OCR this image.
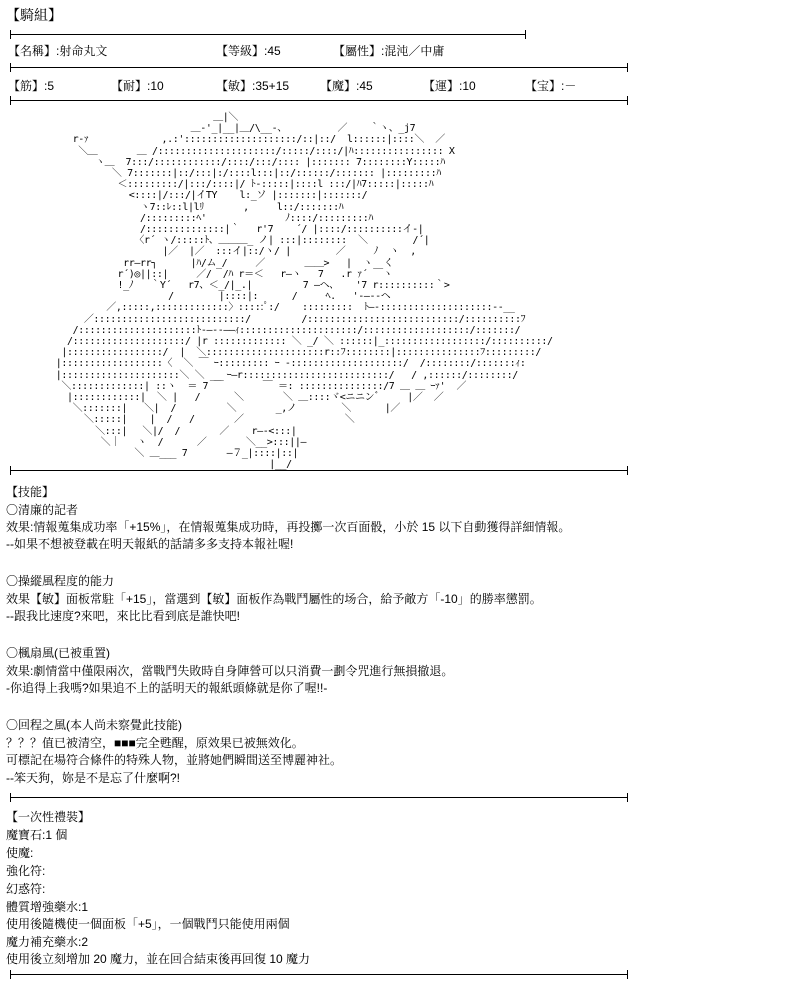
【騎組】
【名稱】:射命丸文	【等級】:45	【屬性】:混沌／中庸
【筋】:5	【耐】:10	【敏】:35+15	【魔】:45	【運】:10	【宝】:－
＿|＼
＿-'_|__|＿/\__-、         ／    ｀ヽ、_j7
r-ｧ             ,.:'::::::::::::::::::::/::|::/  l::::::|::::＼  ／
＼＿       ＿ /:::::::::::::::::::::/:::::/::::/|ﾊ:::::::::::::::: X
ヽ＿  7:::/::::::::::::/::::/:::/:::: |::::::: 7::::::::Y:::::ﾊ
＼ 7:::::::|::/:::|:/::::l:::|::/::::::/::::::: |:::::::::ﾊ
＜:::::::::/|:::/::::|/ ﾄ-:::::|::::l :::/|ﾊ7:::::|:::::ﾊ
<::::|/:::/|イTY    l:_ソ |:::::::|:::::::/
ヽ7::ﾚ::l|lﾘ       ,     l::/:::::::ﾊ
/:::::::::ﾍ'              ﾉ::::/:::::::::ﾊ
/::::::::::::::|｀   r'7    ´/ |::::/::::::::::イ-|
〈r´ ヽ/:::::ﾄ、＿＿＿_ ノ| :::|::::::::  ＼        /´|
|／  |／  :::イ|::/ヽ/ |        ／     ﾉ  ヽ  ,
rr―rr┐      |ﾊ/ム_/     ／       ＿＿>   |  ヽ  く
r´)◎||::|     ／/  /ﾊ r＝＜   r―ヽ   7   .r ｧ´ ￣ヽ
!_ﾉ   ｀Y´   r7、＜_/|_.|         7 ―ヘ、   '7 r::::::::::｀>
/        |::::|:      /     ﾍ.   '-―--ヘ
／,:::::,:::::::::::::〉:::::ﾟ:/    :::::::::  ﾄ―-::::::::::::::::::::--__
／:::::::::::::::::::::::::::/         /:::::::::::::::::::::::::::/::::::::::ﾌ
/:::::::::::::::::::::ﾄ-―--――ｨ:::::::::::::::::::::/:::::::::::::::::::/:::::::/
/::::::::::::::::::::/ |r ::::::::::::: ＼ _/ ＼ ::::::|_::::::::::::::::::/::::::::::/
|:::::::::::::::::/  |  ＼:::::::::::::::::::::r::ﾌ::::::::|:::::::::::::::ﾌ:::::::::/
|::::::::::::::::::〈  ＼ ￣ ｰ::::::::: ｰ ‐::::::::::::::::::::/  /::::::::/:::::::ｨ:
|:::::::::::::::::::::＼ ＼ __ ｰ―r::::::::::::::::::::::::::/   / ,::::::/::::::::/
＼:::::::::::::| ::ヽ  ＝ 7 ￣       ￣ ＝: :::::::::::::::/7 ＿ ＿ ｰｧ'  ／
|::::::::::::|  ＼ |   /      ＼       ＼ ＿::::ヾ<ニニンﾞ     |／  ／
＼:::::::|   ＼|  /         ＼       _,ノ        ＼      |／
＼:::::|    |  /   /       ／                  ＼
＼:::| 　＼|/  /       ／    r―-<:::|
＼｜   ヽ  /      ／       ＼__>:::||―
＼ ＿___ 7       ―７_|::::|::|
|__/
【技能】
〇清廉的記者
效果:情報蒐集成功率「+15%」，在情報蒐集成功時，再投擲一次百面骰，小於 15 以下自動獲得詳細情報。
--如果不想被登載在明天報紙的話請多多支持本報社喔!
〇操縱風程度的能力
效果【敏】面板常駐「+15」，當選到【敏】面板作為戰鬥屬性的场合，給予敵方「-10」的勝率懲罰。
--跟我比速度?來吧，來比比看到底是誰快吧!
〇楓扇風(已被重置)
效果:劇情當中僅限兩次，當戰鬥失敗時自身陣營可以只消費一劃令咒進行無損撤退。
-你追得上我嗎?如果追不上的話明天的報紙頭條就是你了喔!!-
〇回程之風(本人尚未察覺此技能)
？？？值已被清空，■■■完全甦醒，原效果已被無效化。
可標記在場符合條件的特殊人物，並將她們瞬間送至博麗神社。
--笨天狗，妳是不是忘了什麼啊?!
【一次性禮裝】
魔寶石:1 個
使魔:
強化符:
幻惑符:
體質增強藥水:1
使用後隨機使一個面板「+5」，一個戰鬥只能使用兩個
魔力補充藥水:2
使用後立刻增加 20 魔力，並在回合結束後再回復 10 魔力
